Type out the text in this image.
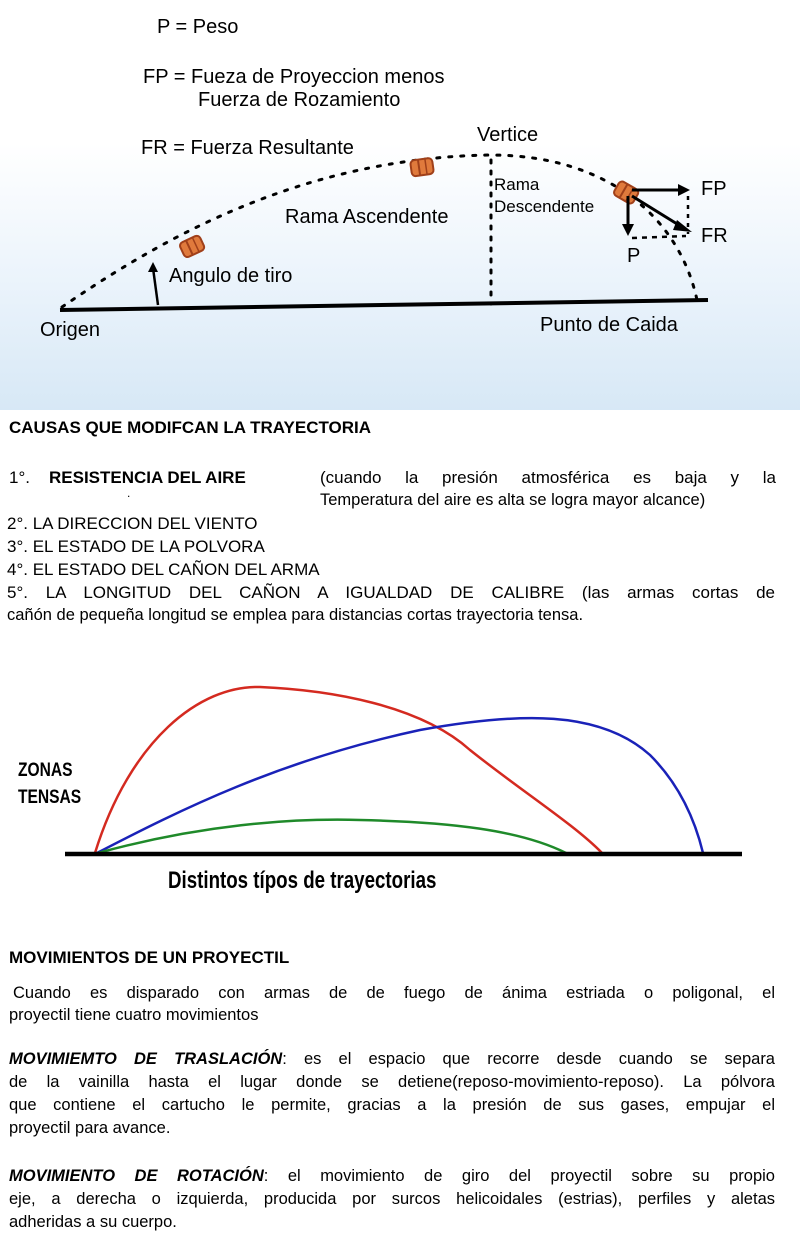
P = Peso
FP = Fueza de Proyeccion menos
Fuerza de Rozamiento
FR = Fuerza Resultante
Vertice
Rama
Descendente
Rama Ascendente
Angulo de tiro
Origen	Punto de Caida
FP
FR
P
CAUSAS QUE MODIFCAN LA TRAYECTORIA
1°. RESISTENCIA DEL AIRE	(cuando la presión atmosférica es baja y la
.	Temperatura del aire es alta se logra mayor alcance)
2°. LA DIRECCION DEL VIENTO
3°. EL ESTADO DE LA POLVORA
4°. EL ESTADO DEL CAÑON DEL ARMA
5°. LA LONGITUD DEL CAÑON A IGUALDAD DE CALIBRE (las armas cortas de
cañón de pequeña longitud se emplea para distancias cortas trayectoria tensa.
ZONAS
TENSAS
Distintos típos de trayectorias
MOVIMIENTOS DE UN PROYECTIL
Cuando es disparado con armas de de fuego de ánima estriada o poligonal, el
proyectil tiene cuatro movimientos
MOVIMIEMTO DE TRASLACIÓN: es el espacio que recorre desde cuando se separa
de la vainilla hasta el lugar donde se detiene(reposo-movimiento-reposo). La pólvora
que contiene el cartucho le permite, gracias a la presión de sus gases, empujar el
proyectil para avance.
MOVIMIENTO DE ROTACIÓN: el movimiento de giro del proyectil sobre su propio
eje, a derecha o izquierda, producida por surcos helicoidales (estrias), perfiles y aletas
adheridas a su cuerpo.
